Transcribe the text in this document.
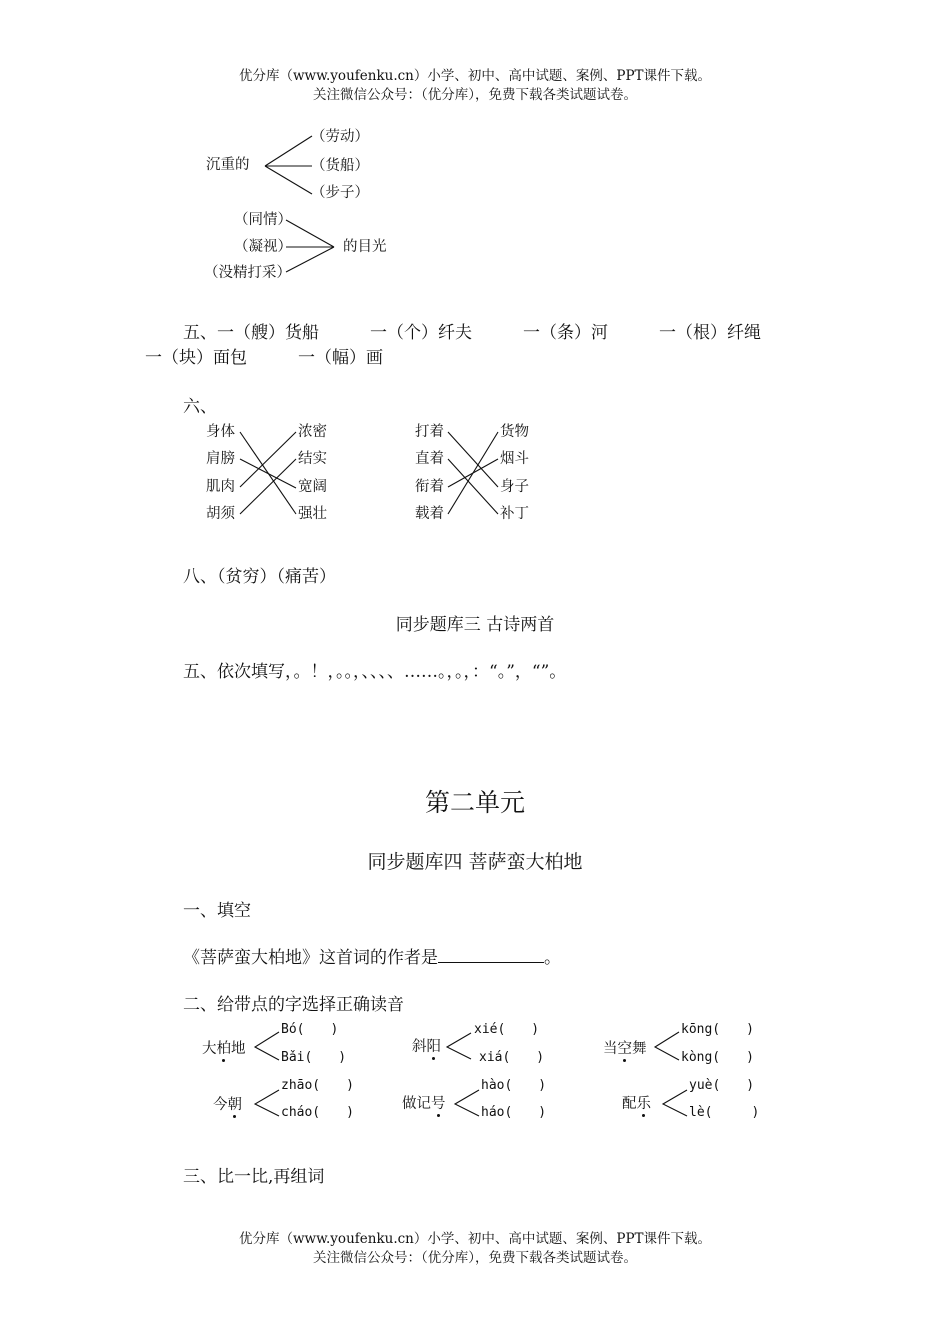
优分库（www.youfenku.cn）小学、初中、高中试题、案例、PPT课件下载。
关注微信公众号：（优分库），免费下载各类试题试卷。
沉重的
（劳动）
（货船）
（步子）
（同情）
（凝视）
（没精打采）
的目光
五、一（艘）货船　　　一（个）纤夫　　　一（条）河　　　一（根）纤绳
一（块）面包　　　一（幅）画
六、
身体
肩膀
肌肉
胡须
浓密
结实
宽阔
强壮
打着
直着
衔着
载着
货物
烟斗
身子
补丁
八、（贫穷）（痛苦）
同步题库三 古诗两首
五、依次填写，。！，。。，、、、、……。，。，：“。”，“”。
第二单元
同步题库四 菩萨蛮大柏地
一、填空
《菩萨蛮大柏地》这首词的作者是	。
二、给带点的字选择正确读音
大柏地
Bó(　　)
Bǎi(　　)
斜阳
xié(　　)
xiá(　　)
当空舞
kōng(　　)
kòng(　　)
今朝
zhāo(　　)
cháo(　　)
做记号
hào(　　)
háo(　　)
配乐
yuè(　　)
lè(　　　)
三、比一比,再组词
优分库（www.youfenku.cn）小学、初中、高中试题、案例、PPT课件下载。
关注微信公众号：（优分库），免费下载各类试题试卷。
